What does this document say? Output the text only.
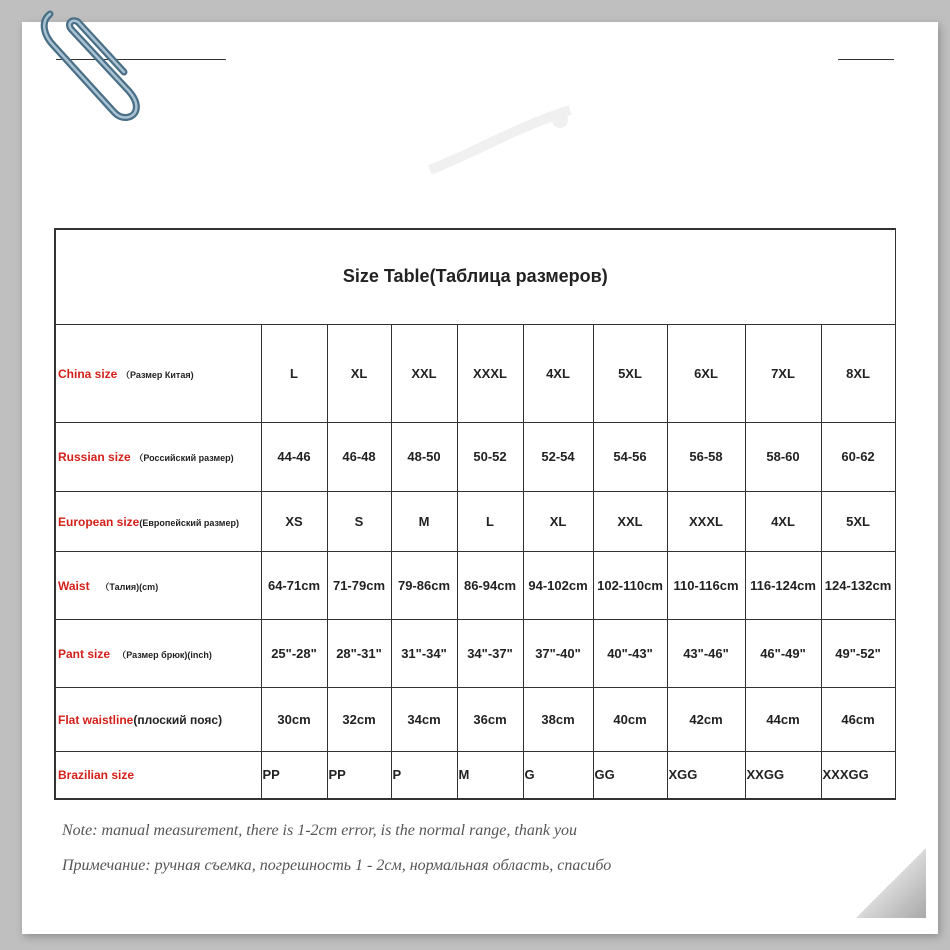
Size Table(Таблица размеров)									
China size （Размер Китая)	L	XL	XXL	XXXL	4XL	5XL	6XL	7XL	8XL
Russian size （Российский размер)	44-46	46-48	48-50	50-52	52-54	54-56	56-58	58-60	60-62
European size(Европейский размер)	XS	S	M	L	XL	XXL	XXXL	4XL	5XL
Waist （Талия)(cm)	64-71cm	71-79cm	79-86cm	86-94cm	94-102cm	102-110cm	110-116cm	116-124cm	124-132cm
Pant size （Размер брюк)(inch)	25"-28"	28"-31"	31"-34"	34"-37"	37"-40"	40"-43"	43"-46"	46"-49"	49"-52"
Flat waistline(плоский пояс)	30cm	32cm	34cm	36cm	38cm	40cm	42cm	44cm	46cm
Brazilian size	PP	PP	P	M	G	GG	XGG	XXGG	XXXGG
Note: manual measurement, there is 1-2cm error, is the normal range, thank you
Примечание: ручная съемка, погрешность 1 - 2см, нормальная область, спасибо
